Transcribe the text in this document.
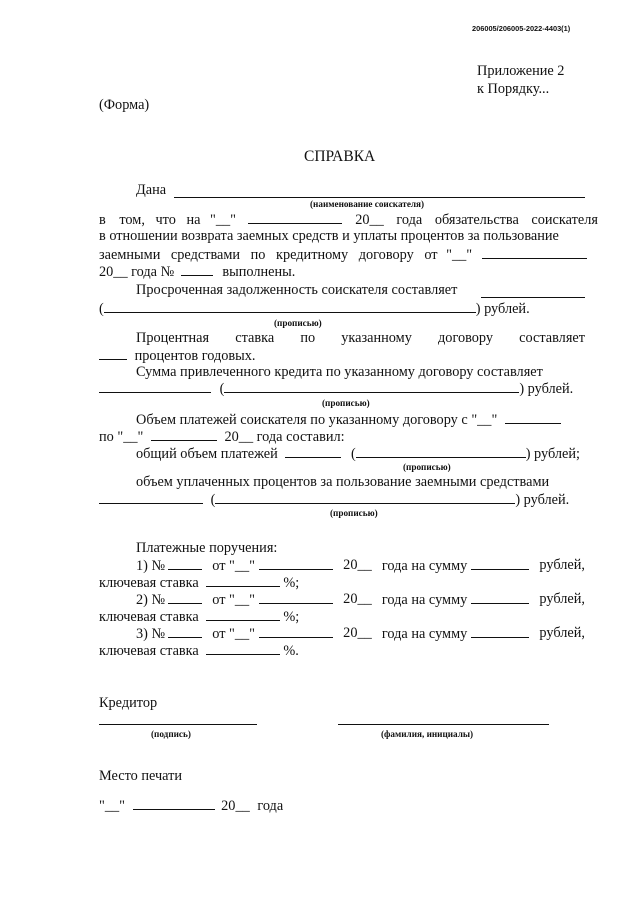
206005/206005-2022-4403(1)
Приложение 2
к Порядку...
(Форма)
СПРАВКА
Дана
(наименование соискателя)
в том, что на "__"	20__ года обязательства соискателя
в отношении возврата заемных средств и уплаты процентов за пользование
заемными средствами по кредитному договору от "__"
20__ года №	выполнены.
Просроченная задолженность соискателя составляет
(	) рублей.
(прописью)
Процентная ставка по указанному договору составляет
процентов годовых.
Сумма привлеченного кредита по указанному договору составляет
(	) рублей.
(прописью)
Объем платежей соискателя по указанному договору с "__"
по "__"	20__ года составил:
общий объем платежей	(	) рублей;
(прописью)
объем уплаченных процентов за пользование заемными средствами
(	) рублей.
(прописью)
Платежные поручения:
1) №	от "__"	20__ года на сумму	рублей,
ключевая ставка	%;
2) №	от "__"	20__ года на сумму	рублей,
ключевая ставка	%;
3) №	от "__"	20__ года на сумму	рублей,
ключевая ставка	%.
Кредитор
(подпись)	(фамилия, инициалы)
Место печати
"__"	20__ года
